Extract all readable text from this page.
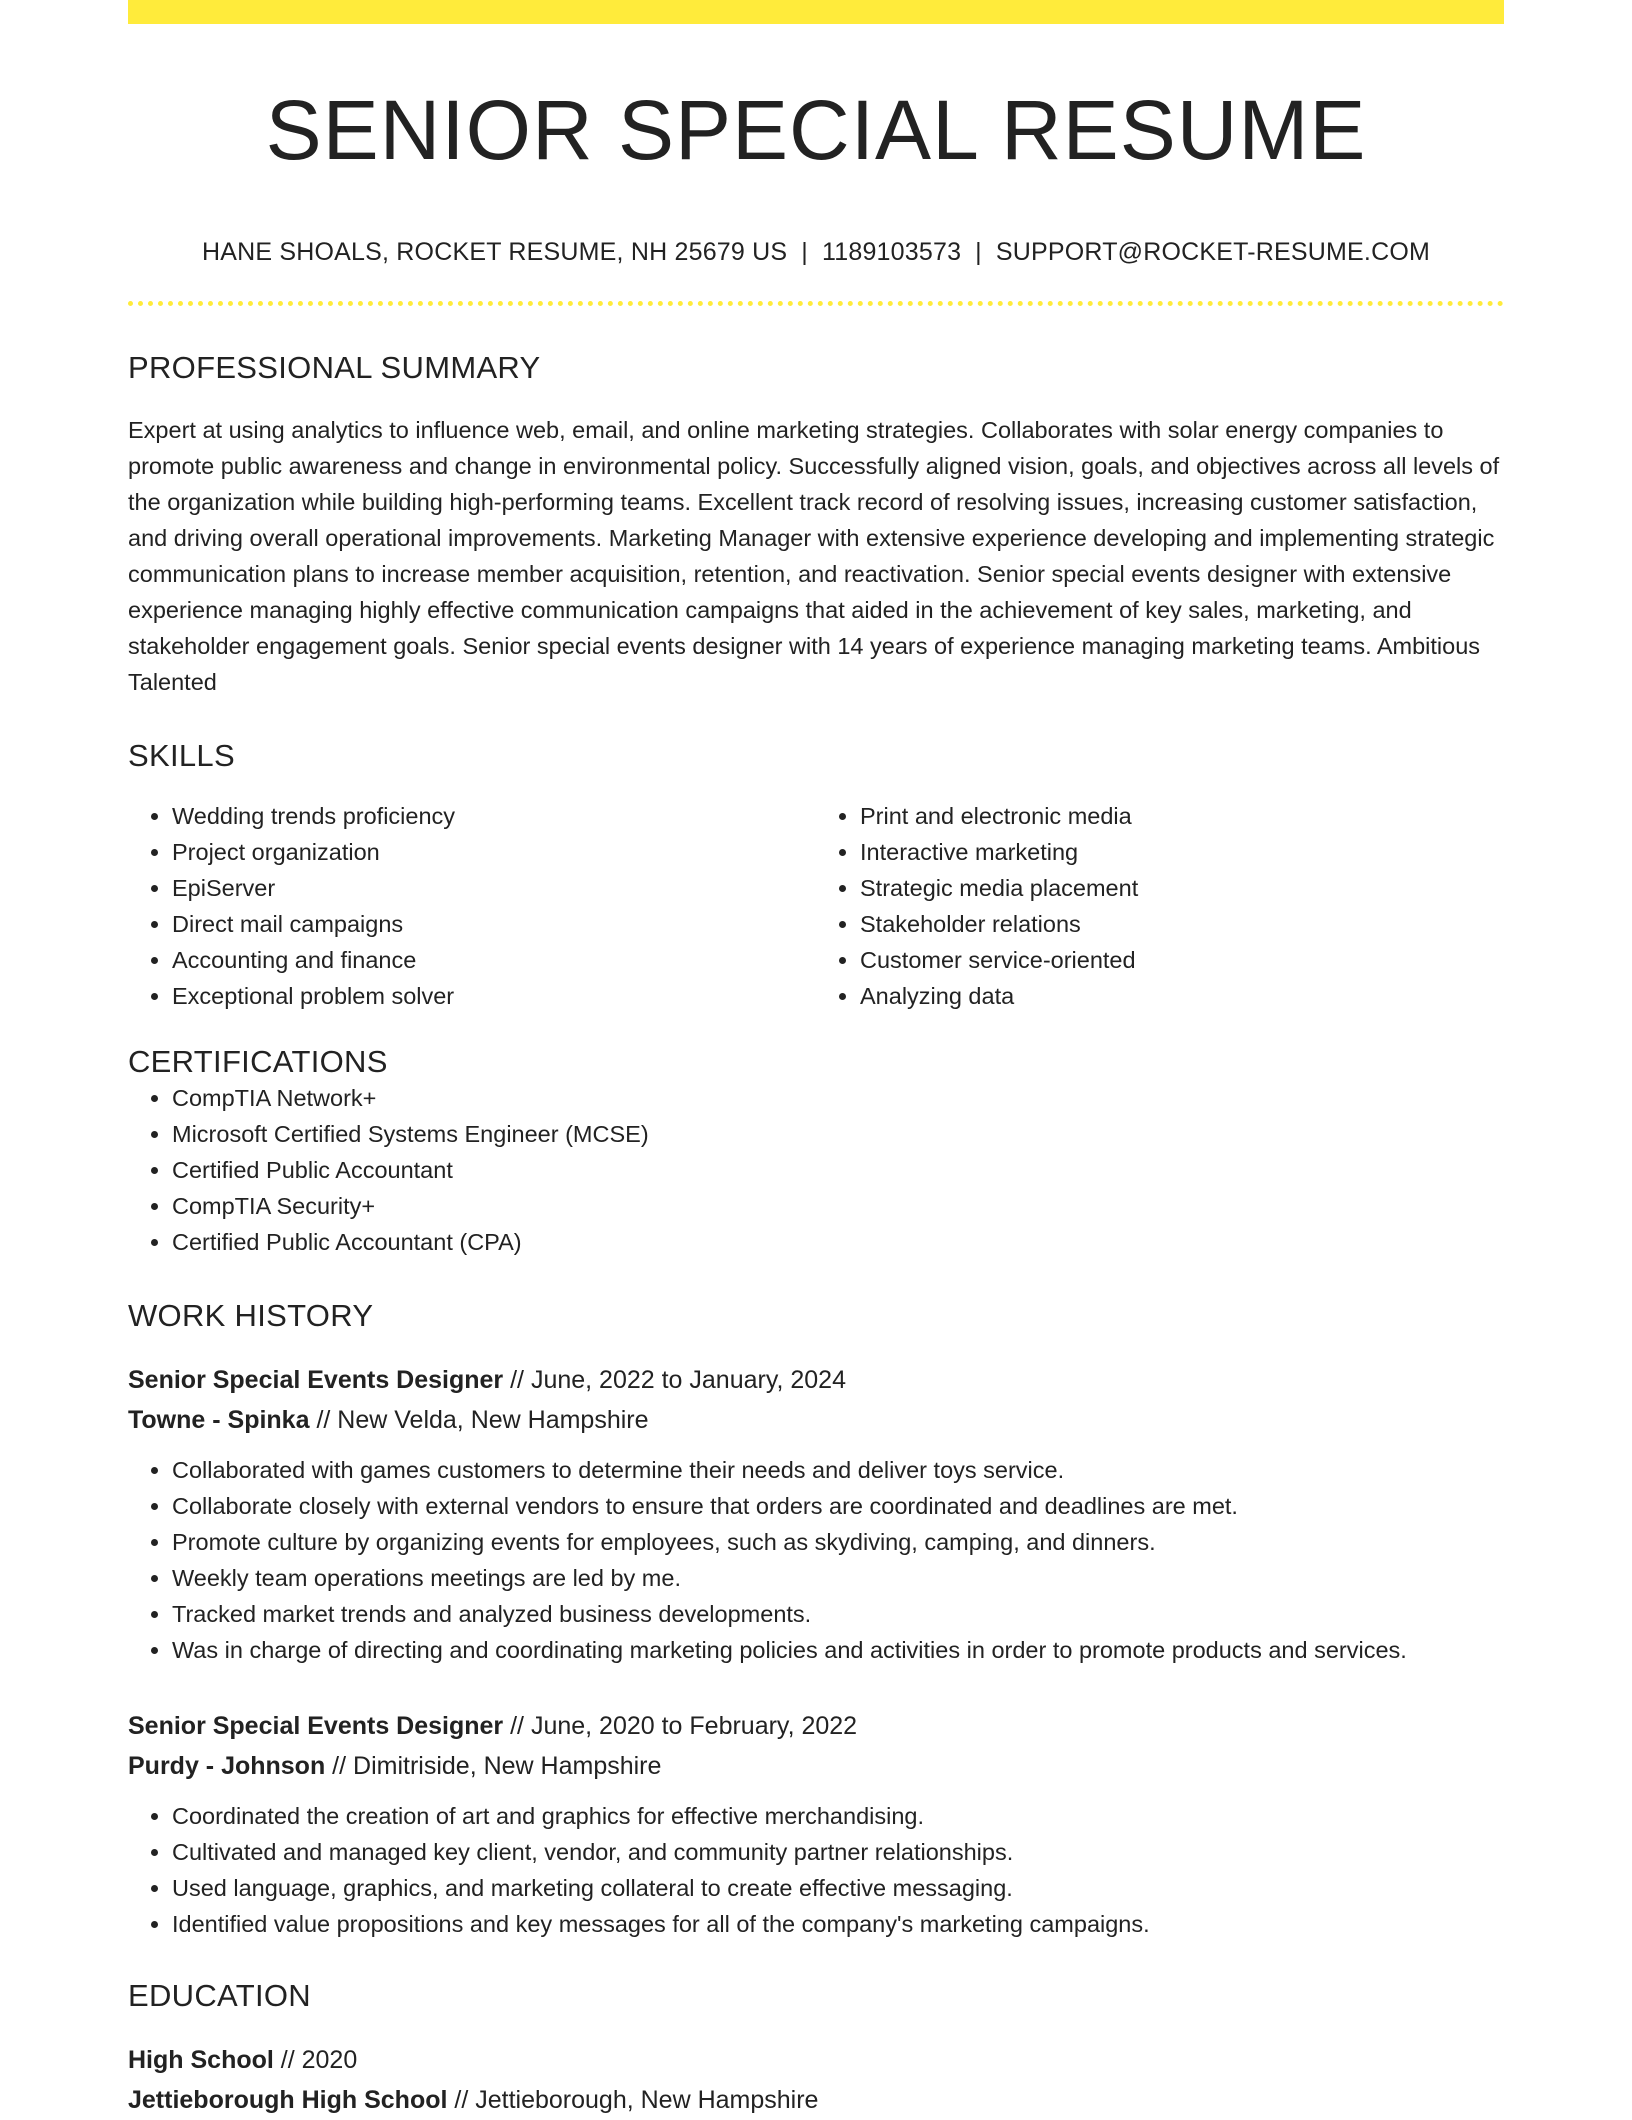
SENIOR SPECIAL RESUME
HANE SHOALS, ROCKET RESUME, NH 25679 US | 1189103573 | SUPPORT@ROCKET-RESUME.COM
PROFESSIONAL SUMMARY
Expert at using analytics to influence web, email, and online marketing strategies. Collaborates with solar energy companies to promote public awareness and change in environmental policy. Successfully aligned vision, goals, and objectives across all levels of the organization while building high-performing teams. Excellent track record of resolving issues, increasing customer satisfaction, and driving overall operational improvements. Marketing Manager with extensive experience developing and implementing strategic communication plans to increase member acquisition, retention, and reactivation. Senior special events designer with extensive experience managing highly effective communication campaigns that aided in the achievement of key sales, marketing, and stakeholder engagement goals. Senior special events designer with 14 years of experience managing marketing teams. Ambitious Talented
SKILLS
• Wedding trends proficiency
• Project organization
• EpiServer
• Direct mail campaigns
• Accounting and finance
• Exceptional problem solver
• Print and electronic media
• Interactive marketing
• Strategic media placement
• Stakeholder relations
• Customer service-oriented
• Analyzing data
CERTIFICATIONS
• CompTIA Network+
• Microsoft Certified Systems Engineer (MCSE)
• Certified Public Accountant
• CompTIA Security+
• Certified Public Accountant (CPA)
WORK HISTORY
Senior Special Events Designer // June, 2022 to January, 2024
Towne - Spinka // New Velda, New Hampshire
• Collaborated with games customers to determine their needs and deliver toys service.
• Collaborate closely with external vendors to ensure that orders are coordinated and deadlines are met.
• Promote culture by organizing events for employees, such as skydiving, camping, and dinners.
• Weekly team operations meetings are led by me.
• Tracked market trends and analyzed business developments.
• Was in charge of directing and coordinating marketing policies and activities in order to promote products and services.
Senior Special Events Designer // June, 2020 to February, 2022
Purdy - Johnson // Dimitriside, New Hampshire
• Coordinated the creation of art and graphics for effective merchandising.
• Cultivated and managed key client, vendor, and community partner relationships.
• Used language, graphics, and marketing collateral to create effective messaging.
• Identified value propositions and key messages for all of the company's marketing campaigns.
EDUCATION
High School // 2020
Jettieborough High School // Jettieborough, New Hampshire
